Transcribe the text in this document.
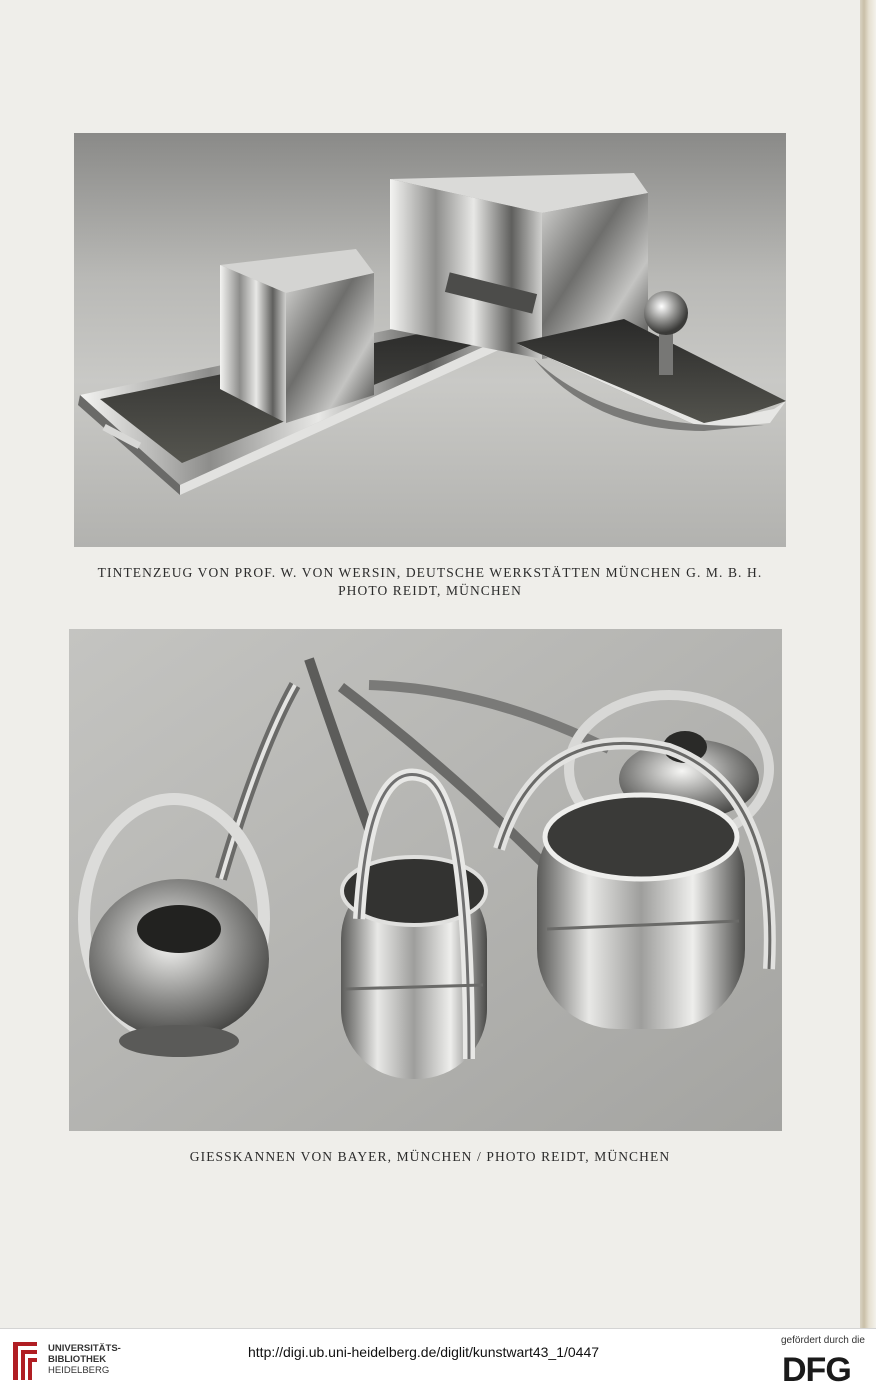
TINTENZEUG VON PROF. W. VON WERSIN, DEUTSCHE WERKSTÄTTEN MÜNCHEN G. M. B. H.
PHOTO REIDT, MÜNCHEN
GIESSKANNEN VON BAYER, MÜNCHEN / PHOTO REIDT, MÜNCHEN
UNIVERSITÄTS-
BIBLIOTHEK
HEIDELBERG
http://digi.ub.uni-heidelberg.de/diglit/kunstwart43_1/0447
gefördert durch die
DFG
